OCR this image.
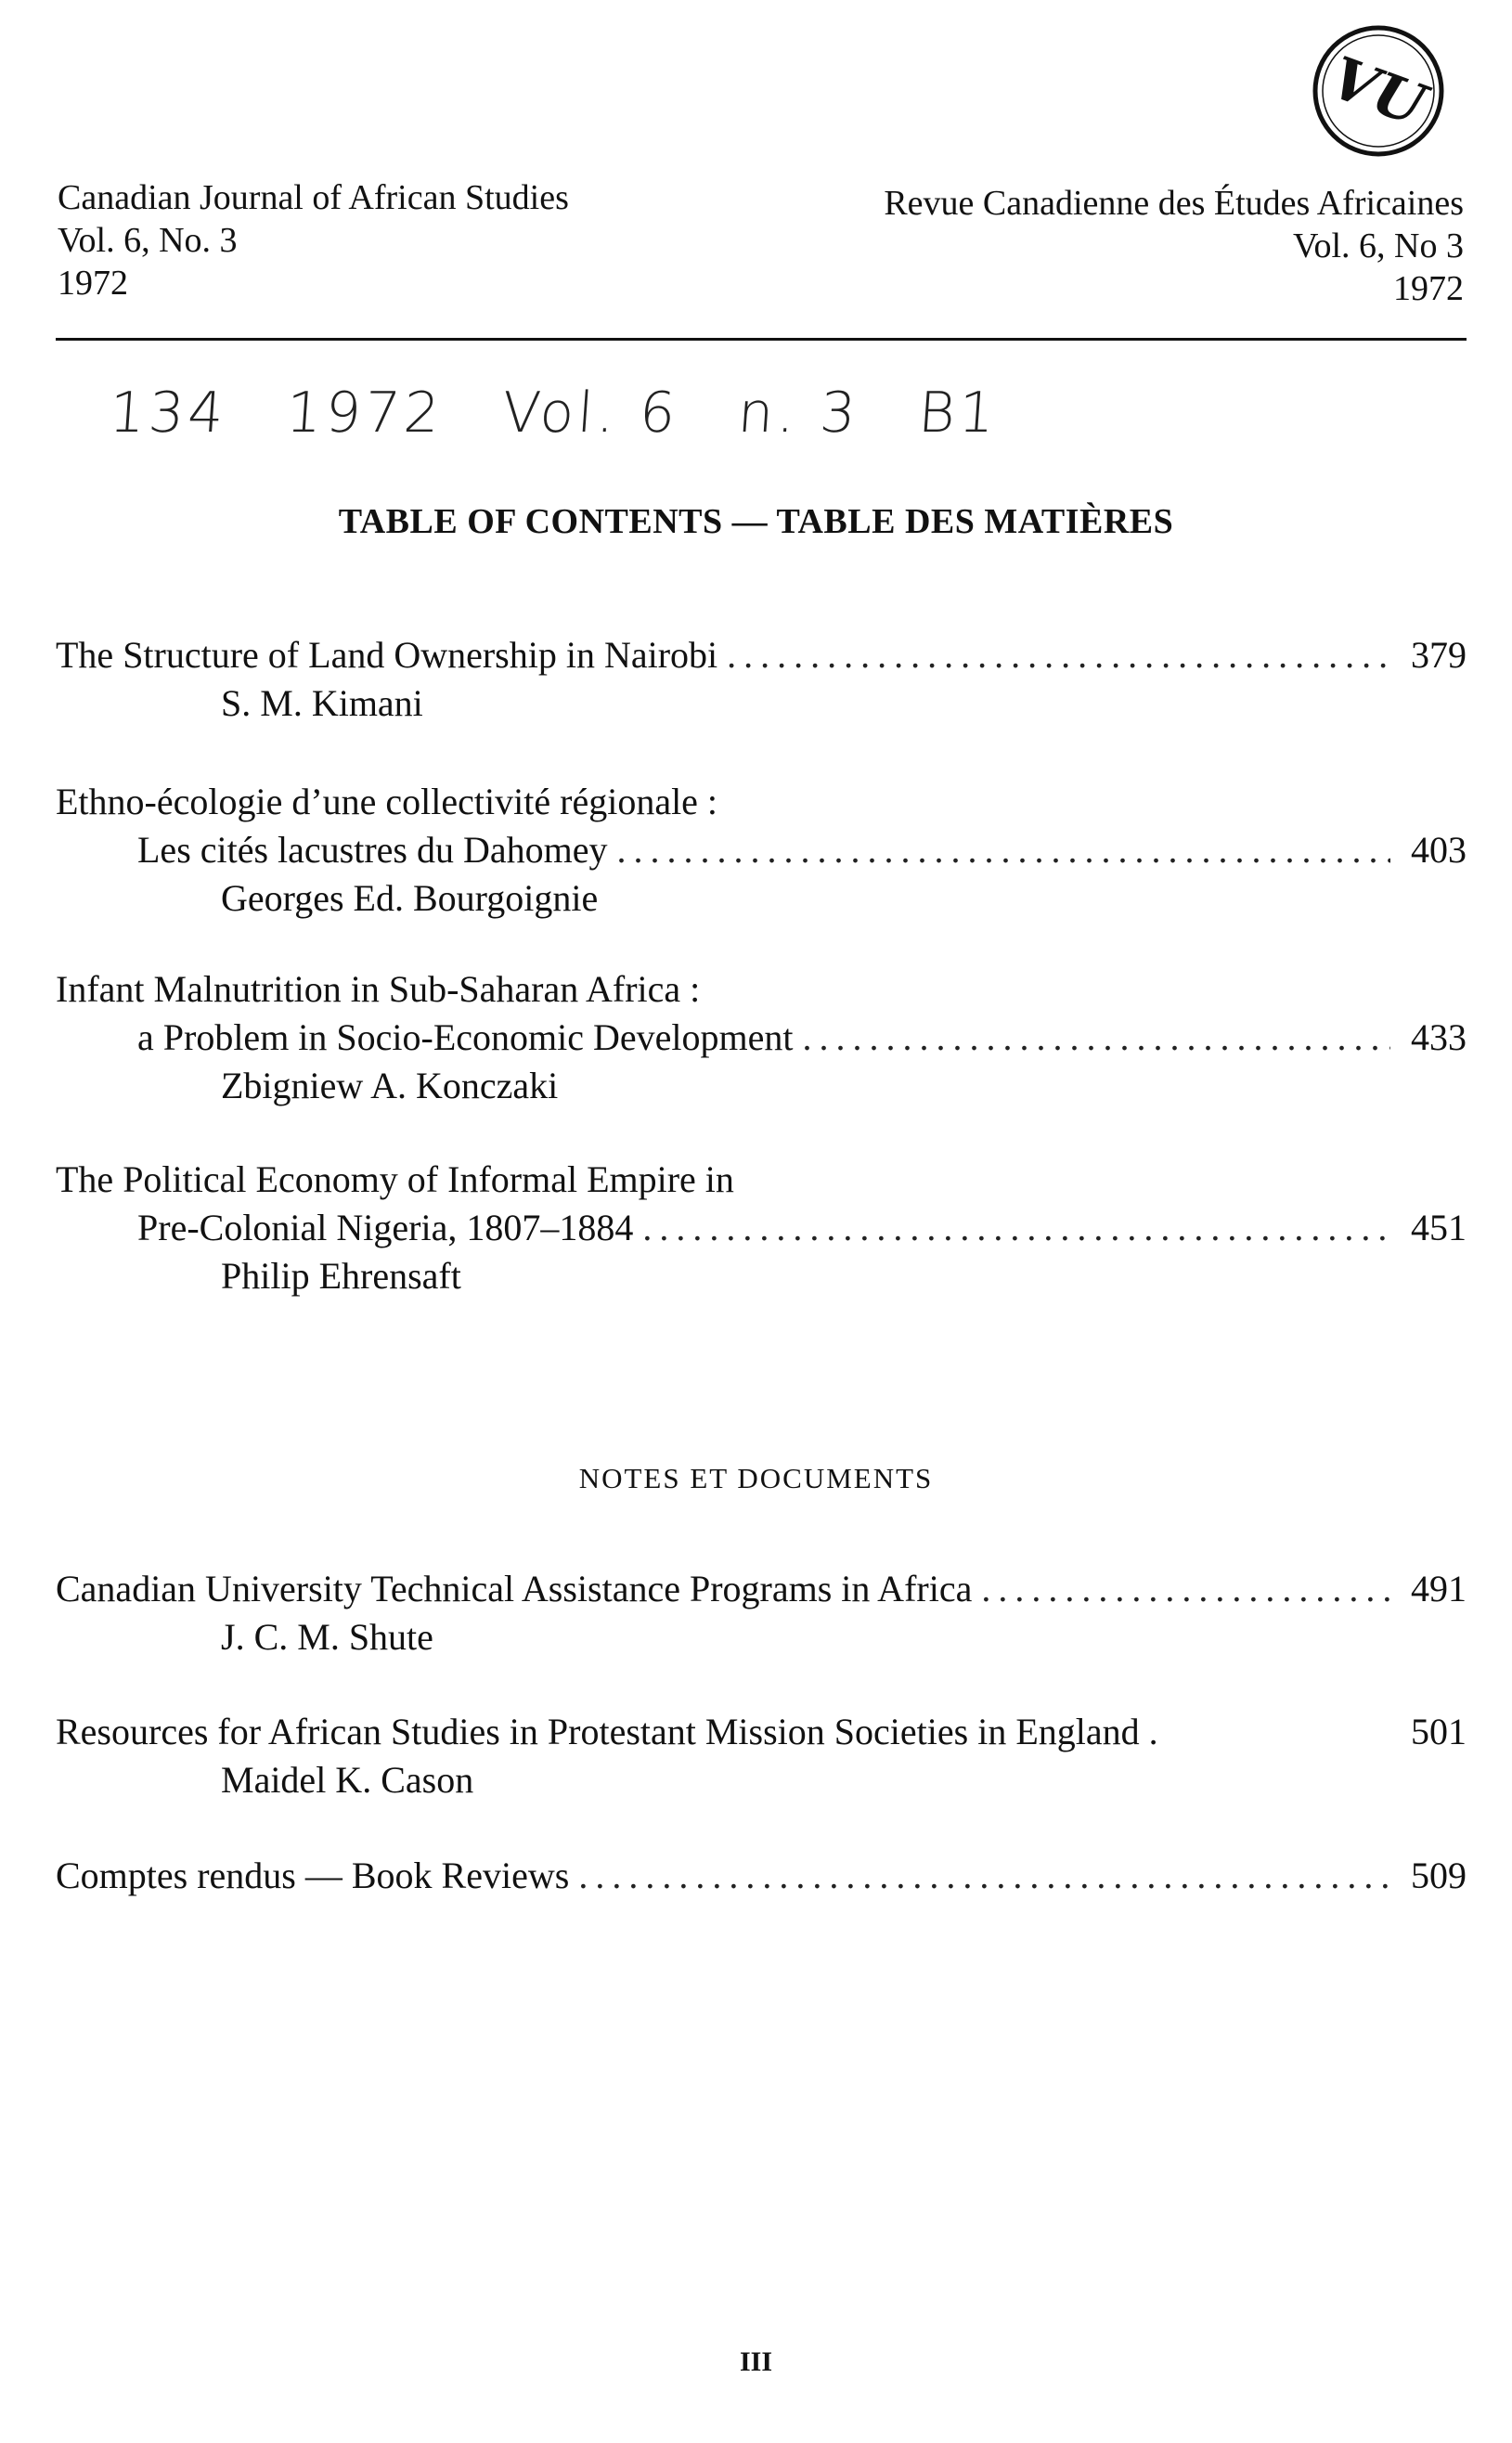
Canadian Journal of African Studies
Vol. 6, No. 3
1972
Revue Canadienne des Études Africaines
Vol. 6, No 3
1972
VU
134 1972 Vol. 6 n. 3 B1
TABLE OF CONTENTS — TABLE DES MATIÈRES
The Structure of Land Ownership in Nairobi .....	379
S. M. Kimani
Ethno-écologie d’une collectivité régionale :
Les cités lacustres du Dahomey .....	403
Georges Ed. Bourgoignie
Infant Malnutrition in Sub-Saharan Africa :
a Problem in Socio-Economic Development .....	433
Zbigniew A. Konczaki
The Political Economy of Informal Empire in
Pre-Colonial Nigeria, 1807–1884 .....	451
Philip Ehrensaft
NOTES ET DOCUMENTS
Canadian University Technical Assistance Programs in Africa .....	491
J. C. M. Shute
Resources for African Studies in Protestant Mission Societies in England .	501
Maidel K. Cason
Comptes rendus — Book Reviews .....	509
III
